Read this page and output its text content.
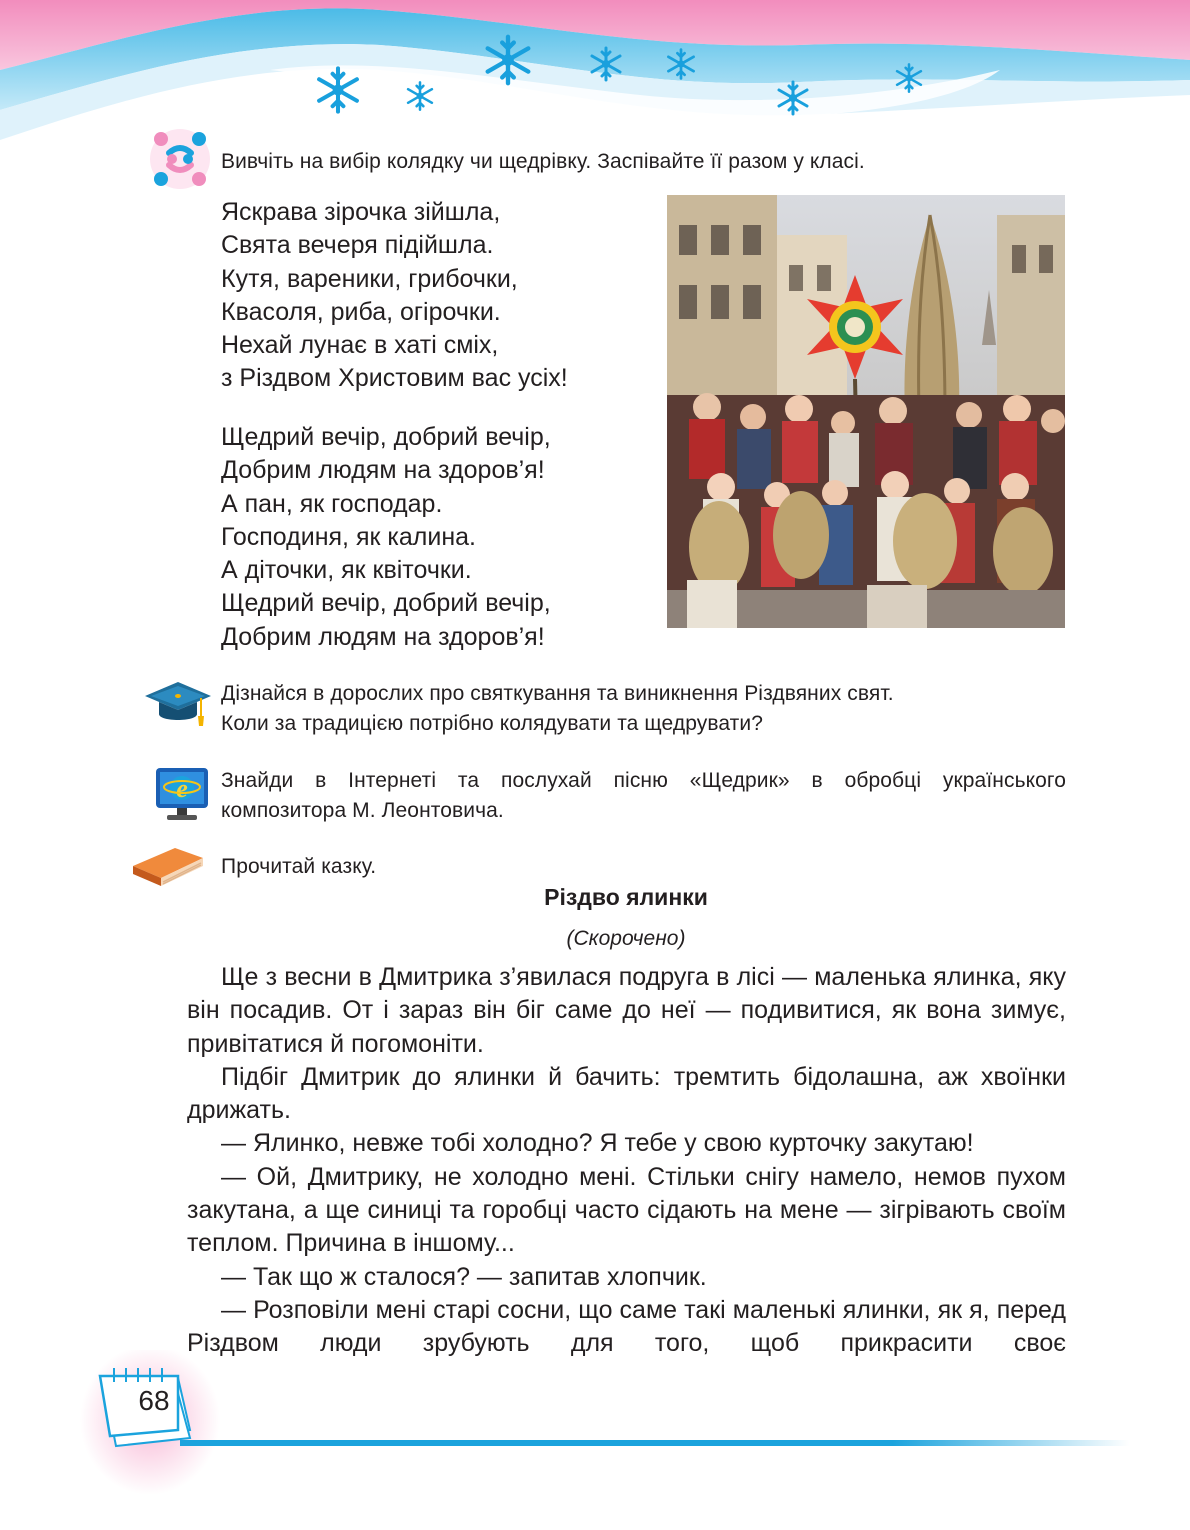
Вивчіть на вибір колядку чи щедрівку. Заспівайте її разом у класі.
Яскрава зірочка зійшла,
Свята вечеря підійшла.
Кутя, вареники, грибочки,
Квасоля, риба, огірочки.
Нехай лунає в хаті сміх,
з Різдвом Христовим вас усіх!
Щедрий вечір, добрий вечір,
Добрим людям на здоров’я!
А пан, як господар.
Господиня, як калина.
А діточки, як квіточки.
Щедрий вечір, добрий вечір,
Добрим людям на здоров’я!
Дізнайся в дорослих про святкування та виникнення Різдвяних свят.
Коли за традицією потрібно колядувати та щедрувати?
e Знайди в Інтернеті та послухай пісню «Щедрик» в обробці українського
композитора М. Леонтовича.
Прочитай казку.
Різдво ялинки
(Скорочено)

Ще з весни в Дмитрика з’явилася подруга в лісі — маленька ялинка, яку він посадив. От і зараз він біг саме до неї — подивитися, як вона зимує, привітатися й погомоніти.

Підбіг Дмитрик до ялинки й бачить: тремтить бідолашна, аж хвоїнки дрижать.

— Ялинко, невже тобі холодно? Я тебе у свою курточку закутаю!

— Ой, Дмитрику, не холодно мені. Стільки снігу намело, немов пухом закутана, а ще синиці та горобці часто сідають на мене — зігрівають своїм теплом. Причина в іншому...

— Так що ж сталося? — запитав хлопчик.

— Розповіли мені старі сосни, що саме такі маленькі ялинки, як я, перед Різдвом люди зрубують для того, щоб прикрасити своє

68
